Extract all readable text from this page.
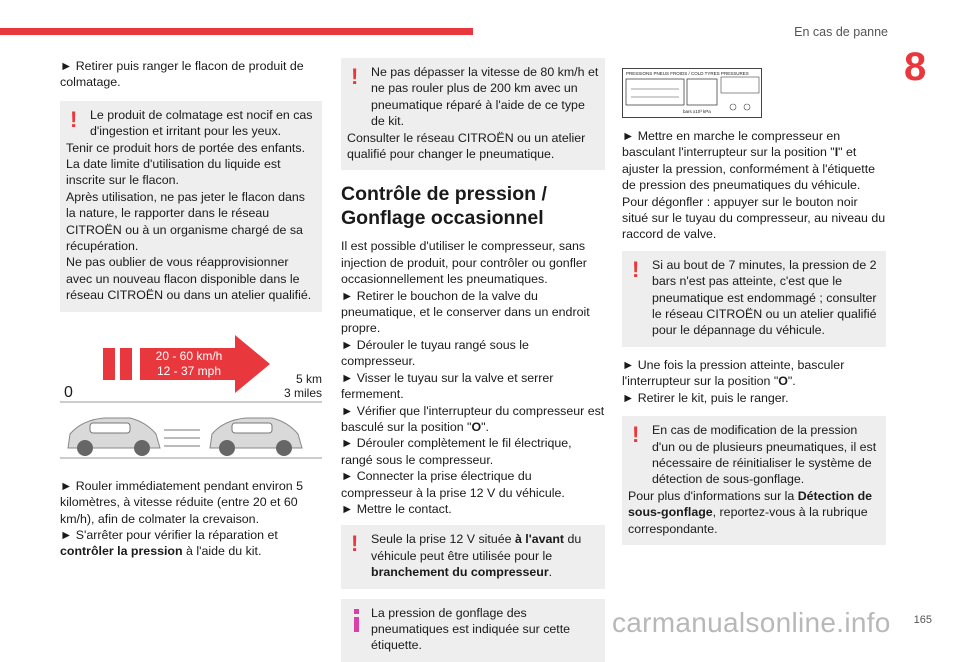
En cas de panne
8

► Retirer puis ranger le flacon de produit de colmatage.

!	Le produit de colmatage est nocif en cas d'ingestion et irritant pour les yeux.

Tenir ce produit hors de portée des enfants.

La date limite d'utilisation du liquide est inscrite sur le flacon.

Après utilisation, ne pas jeter le flacon dans la nature, le rapporter dans le réseau CITROËN ou à un organisme chargé de sa récupération.

Ne pas oublier de vous réapprovisionner avec un nouveau flacon disponible dans le réseau CITROËN ou dans un atelier qualifié.

20 - 60 km/h
12 - 37 mph
0
5 km
3 miles

► Rouler immédiatement pendant environ 5 kilomètres, à vitesse réduite (entre 20 et 60 km/h), afin de colmater la crevaison.

► S'arrêter pour vérifier la réparation et contrôler la pression à l'aide du kit.

!	Ne pas dépasser la vitesse de 80 km/h et ne pas rouler plus de 200 km avec un pneumatique réparé à l'aide de ce type de kit.

Consulter le réseau CITROËN ou un atelier qualifié pour changer le pneumatique.

Contrôle de pression / Gonflage occasionnel

Il est possible d'utiliser le compresseur, sans injection de produit, pour contrôler ou gonfler occasionnellement les pneumatiques.

► Retirer le bouchon de la valve du pneumatique, et le conserver dans un endroit propre.

► Dérouler le tuyau rangé sous le compresseur.

► Visser le tuyau sur la valve et serrer fermement.

► Vérifier que l'interrupteur du compresseur est basculé sur la position "O".

► Dérouler complètement le fil électrique, rangé sous le compresseur.

► Connecter la prise électrique du compresseur à la prise 12 V du véhicule.

► Mettre le contact.

!	Seule la prise 12 V située à l'avant du véhicule peut être utilisée pour le branchement du compresseur.

La pression de gonflage des pneumatiques est indiquée sur cette étiquette.

PRESSIONS PNEUS FROIDS / COLD TYRES PRESSURES
bars x10³ kPa

► Mettre en marche le compresseur en basculant l'interrupteur sur la position "I" et ajuster la pression, conformément à l'étiquette de pression des pneumatiques du véhicule. Pour dégonfler : appuyer sur le bouton noir situé sur le tuyau du compresseur, au niveau du raccord de valve.

!	Si au bout de 7 minutes, la pression de 2 bars n'est pas atteinte, c'est que le pneumatique est endommagé ; consulter le réseau CITROËN ou un atelier qualifié pour le dépannage du véhicule.

► Une fois la pression atteinte, basculer l'interrupteur sur la position "O".

► Retirer le kit, puis le ranger.

!	En cas de modification de la pression d'un ou de plusieurs pneumatiques, il est nécessaire de réinitialiser le système de détection de sous-gonflage.

Pour plus d'informations sur la Détection de sous-gonflage, reportez-vous à la rubrique correspondante.

carmanualsonline.info 165
